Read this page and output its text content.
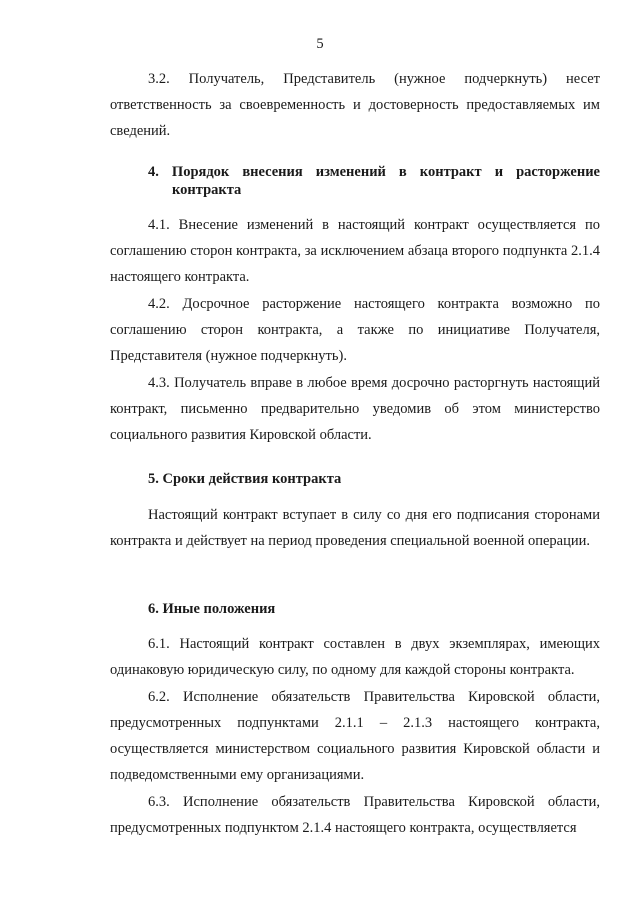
5
3.2. Получатель, Представитель (нужное подчеркнуть) несет ответственность за своевременность и достоверность предоставляемых им сведений.
4. Порядок внесения изменений в контракт и расторжение контракта
4.1. Внесение изменений в настоящий контракт осуществляется по соглашению сторон контракта, за исключением абзаца второго подпункта 2.1.4 настоящего контракта.
4.2. Досрочное расторжение настоящего контракта возможно по соглашению сторон контракта, а также по инициативе Получателя, Представителя (нужное подчеркнуть).
4.3. Получатель вправе в любое время досрочно расторгнуть настоящий контракт, письменно предварительно уведомив об этом министерство социального развития Кировской области.
5. Сроки действия контракта
Настоящий контракт вступает в силу со дня его подписания сторонами контракта и действует на период проведения специальной военной операции.
6. Иные положения
6.1. Настоящий контракт составлен в двух экземплярах, имеющих одинаковую юридическую силу, по одному для каждой стороны контракта.
6.2. Исполнение обязательств Правительства Кировской области, предусмотренных подпунктами 2.1.1 – 2.1.3 настоящего контракта, осуществляется министерством социального развития Кировской области и подведомственными ему организациями.
6.3. Исполнение обязательств Правительства Кировской области, предусмотренных подпунктом 2.1.4 настоящего контракта, осуществляется
